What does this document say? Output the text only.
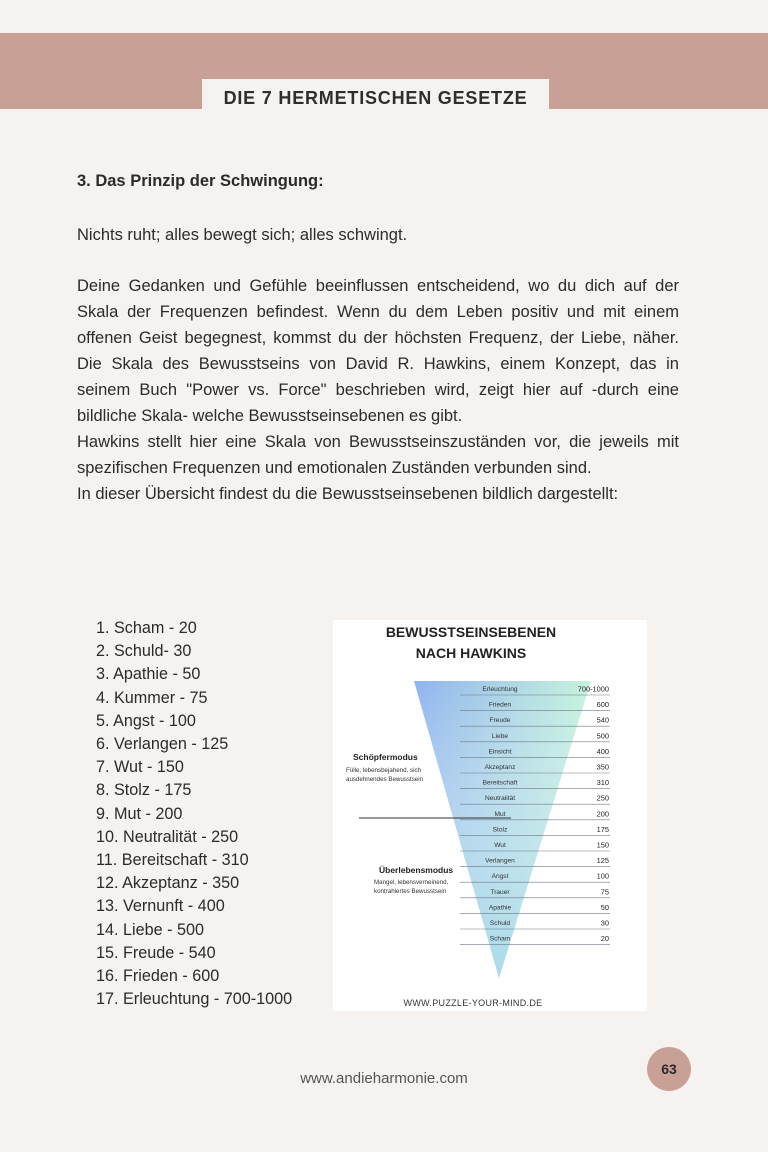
DIE 7 HERMETISCHEN GESETZE
3. Das Prinzip der Schwingung:
Nichts ruht; alles bewegt sich; alles schwingt.
Deine Gedanken und Gefühle beeinflussen entscheidend, wo du dich auf der Skala der Frequenzen befindest. Wenn du dem Leben positiv und mit einem offenen Geist begegnest, kommst du der höchsten Frequenz, der Liebe, näher. Die Skala des Bewusstseins von David R. Hawkins, einem Konzept, das in seinem Buch "Power vs. Force" beschrieben wird, zeigt hier auf -durch eine bildliche Skala- welche Bewusstseinsebenen es gibt.
Hawkins stellt hier eine Skala von Bewusstseinszuständen vor, die jeweils mit spezifischen Frequenzen und emotionalen Zuständen verbunden sind.
In dieser Übersicht findest du die Bewusstseinsebenen bildlich dargestellt:
1. Scham - 20
2. Schuld- 30
3. Apathie - 50
4. Kummer - 75
5. Angst - 100
6. Verlangen - 125
7. Wut - 150
8. Stolz - 175
9. Mut - 200
10. Neutralität - 250
11. Bereitschaft - 310
12. Akzeptanz - 350
13. Vernunft - 400
14. Liebe - 500
15. Freude - 540
16. Frieden - 600
17. Erleuchtung - 700-1000
BEWUSSTSEINSEBENEN
NACH HAWKINS
Schöpfermodus
Fülle, lebensbejahend, sich
ausdehnendes Bewusstsein
Überlebensmodus
Mangel, lebensverneinend,
kontrahiertes Bewusstsein
Erleuchtung	700-1000
Frieden	600
Freude	540
Liebe	500
Einsicht	400
Akzeptanz	350
Bereitschaft	310
Neutralität	250
Mut	200
Stolz	175
Wut	150
Verlangen	125
Angst	100
Trauer	75
Apathie	50
Schuld	30
Scham	20
WWW.PUZZLE-YOUR-MIND.DE
www.andieharmonie.com
63
